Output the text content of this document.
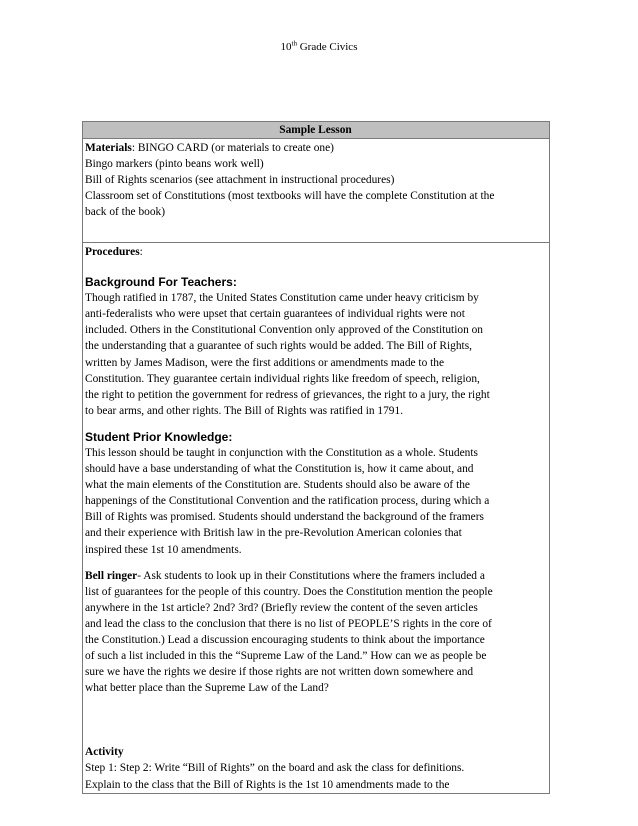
10th Grade Civics
Sample Lesson

Materials: BINGO CARD (or materials to create one)
Bingo markers (pinto beans work well)
Bill of Rights scenarios (see attachment in instructional procedures)
Classroom set of Constitutions (most textbooks will have the complete Constitution at the
back of the book)

Procedures:
Background For Teachers:
Though ratified in 1787, the United States Constitution came under heavy criticism by
anti-federalists who were upset that certain guarantees of individual rights were not
included. Others in the Constitutional Convention only approved of the Constitution on
the understanding that a guarantee of such rights would be added. The Bill of Rights,
written by James Madison, were the first additions or amendments made to the
Constitution. They guarantee certain individual rights like freedom of speech, religion,
the right to petition the government for redress of grievances, the right to a jury, the right
to bear arms, and other rights. The Bill of Rights was ratified in 1791.
Student Prior Knowledge:
This lesson should be taught in conjunction with the Constitution as a whole. Students
should have a base understanding of what the Constitution is, how it came about, and
what the main elements of the Constitution are. Students should also be aware of the
happenings of the Constitutional Convention and the ratification process, during which a
Bill of Rights was promised. Students should understand the background of the framers
and their experience with British law in the pre-Revolution American colonies that
inspired these 1st 10 amendments.
Bell ringer- Ask students to look up in their Constitutions where the framers included a
list of guarantees for the people of this country. Does the Constitution mention the people
anywhere in the 1st article? 2nd? 3rd? (Briefly review the content of the seven articles
and lead the class to the conclusion that there is no list of PEOPLE’S rights in the core of
the Constitution.) Lead a discussion encouraging students to think about the importance
of such a list included in this the “Supreme Law of the Land.” How can we as people be
sure we have the rights we desire if those rights are not written down somewhere and
what better place than the Supreme Law of the Land?
Activity
Step 1: Step 2: Write “Bill of Rights” on the board and ask the class for definitions.
Explain to the class that the Bill of Rights is the 1st 10 amendments made to the
